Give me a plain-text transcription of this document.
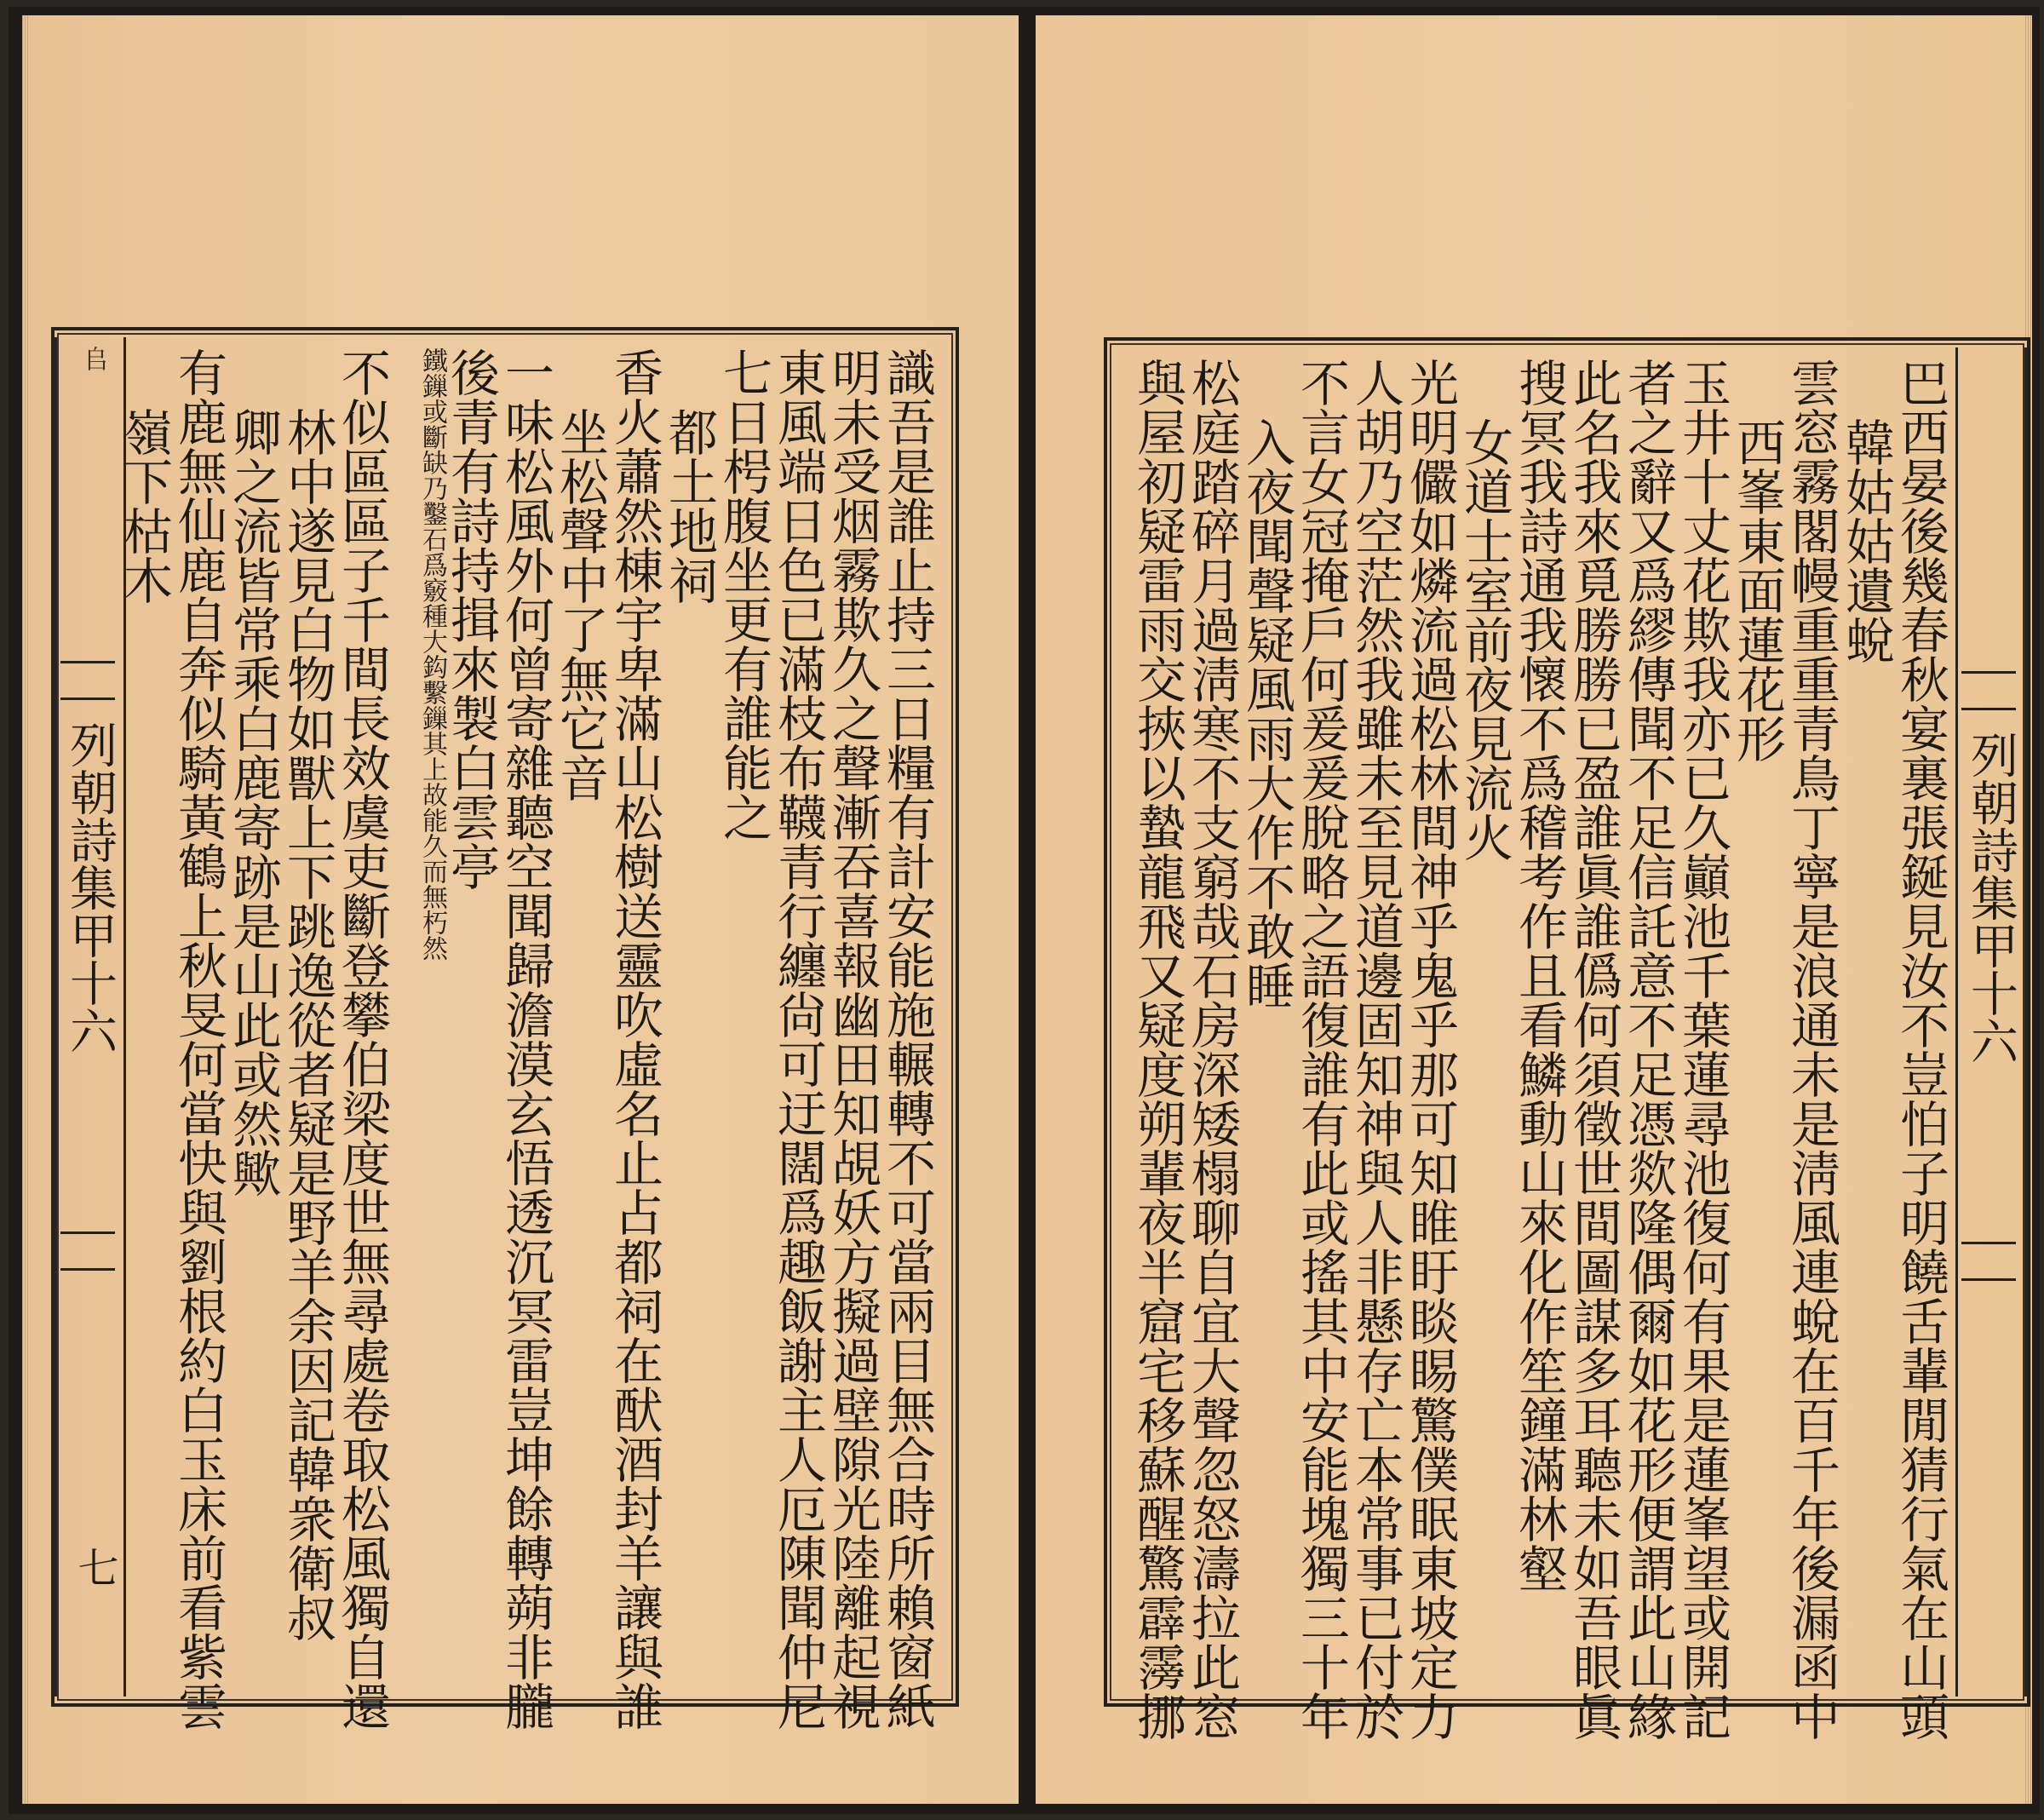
列朝詩集甲十六
七
𠂤	識吾是誰止持三日糧有計安能施輾轉不可當兩目無合時所賴窗紙
明未受烟霧欺久之聲漸吞喜報幽田知覘妖方擬過壁隙光陸離起視
東風端日色已滿枝布韈青行纏尙可迂闊爲趣飯謝主人厄陳聞仲尼
七日枵腹坐更有誰能之
都土地祠
香火蕭然棟宇卑滿山松樹送靈吹虛名止占都祠在䣭酒封羊讓與誰
坐松聲中了無它音
一味松風外何曾寄雜聽空聞歸澹漠玄悟透沉冥雷豈坤餘轉蒴非朧
後青有詩持揖來製白雲亭
鐵鏁或斷缺乃鑿石爲竅種大鈎繫鏁其上故能久而無朽然
不似區區子千間長效虞吏斷登攀伯梁度世無尋處卷取松風獨自還
林中遂見白物如獸上下跳逸從者疑是野羊余因記韓衆衛叔
卿之流皆常乘白鹿寄跡是山此或然歟
有鹿無仙鹿自奔似騎黃鶴上秋旻何當快與劉根約白玉床前看紫雲
嶺下枯木
列朝詩集甲十六
巴西晏後幾春秋宴裏張鋋見汝不豈怕子明饒舌輩閒猜行氣在山頭
韓姑姑遺蛻
雲窓霧閣幔重重青鳥丁寧是浪通未是淸風連蛻在百千年後漏函中
西峯東面蓮花形
玉井十丈花欺我亦已久巓池千葉蓮尋池復何有果是蓮峯望或開記
者之辭又爲繆傳聞不足信託意不足憑欻隆偶爾如花形便謂此山緣
此名我來覓勝勝已盈誰眞誰僞何須徵世間圖謀多耳聽未如吾眼眞
搜冥我詩通我懷不爲稽考作且看鱗動山來化作笙鐘滿林壑
女道士室前夜見流火
光明儼如燐流過松林間神乎鬼乎那可知睢盱睒睗驚僕眠東坡定力
人胡乃空茫然我雖未至見道邊固知神與人非懸存亡本常事已付於
不言女冠掩戶何爰爰脫略之語復誰有此或搖其中安能塊獨三十年
入夜聞聲疑風雨大作不敢睡
松庭踏碎月過淸寒不支窮哉石房深矮榻聊自宜大聲忽怒濤拉此窓
與屋初疑雷雨交挾以蟄龍飛又疑度朔輩夜半窟宅移蘇醒驚霹霶挪
